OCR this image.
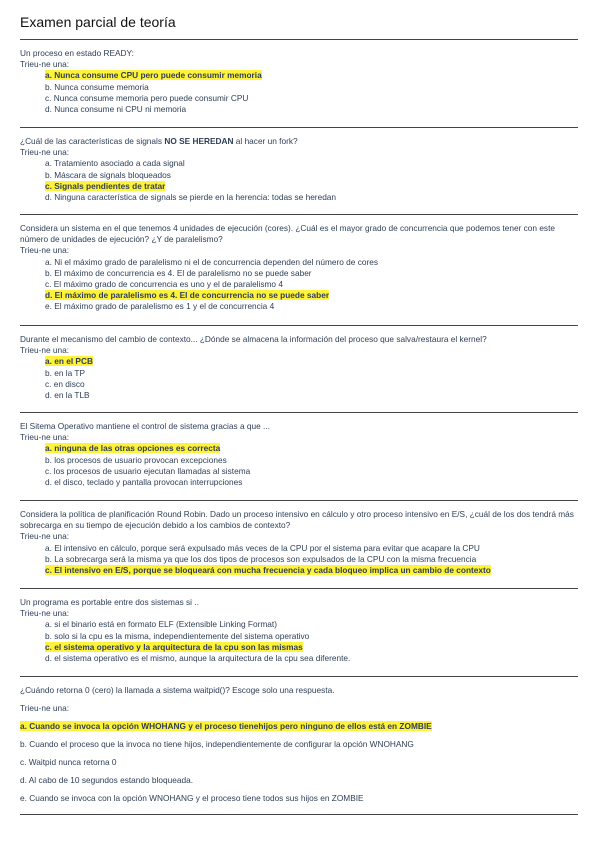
Examen parcial de teoría
Un proceso en estado READY:
Trieu-ne una:
a. Nunca consume CPU pero puede consumir memoria
b. Nunca consume memoria
c. Nunca consume memoria pero puede consumir CPU
d. Nunca consume ni CPU ni memoria
¿Cuál de las características de signals NO SE HEREDAN al hacer un fork?
Trieu-ne una:
a. Tratamiento asociado a cada signal
b. Máscara de signals bloqueados
c. Signals pendientes de tratar
d. Ninguna característica de signals se pierde en la herencia: todas se heredan
Considera un sistema en el que tenemos 4 unidades de ejecución (cores). ¿Cuál es el mayor grado de concurrencia que podemos tener con este número de unidades de ejecución? ¿Y de paralelismo?
Trieu-ne una:
a. Ni el máximo grado de paralelismo ni el de concurrencia dependen del número de cores
b. El máximo de concurrencia es 4. El de paralelismo no se puede saber
c. El máximo grado de concurrencia es uno y el de paralelismo 4
d. El máximo de paralelismo es 4. El de concurrencia no se puede saber
e. El máximo grado de paralelismo es 1 y el de concurrencia 4
Durante el mecanismo del cambio de contexto... ¿Dónde se almacena la información del proceso que salva/restaura el kernel?
Trieu-ne una:
a. en el PCB
b. en la TP
c. en disco
d. en la TLB
El Sitema Operativo mantiene el control de sistema gracias a que ...
Trieu-ne una:
a. ninguna de las otras opciones es correcta
b. los procesos de usuario provocan excepciones
c. los procesos de usuario ejecutan llamadas al sistema
d. el disco, teclado y pantalla provocan interrupciones
Considera la política de planificación Round Robin. Dado un proceso intensivo en cálculo y otro proceso intensivo en E/S, ¿cuál de los dos tendrá más sobrecarga en su tiempo de ejecución debido a los cambios de contexto?
Trieu-ne una:
a. El intensivo en cálculo, porque será expulsado más veces de la CPU por el sistema para evitar que acapare la CPU
b. La sobrecarga será la misma ya que los dos tipos de procesos son expulsados de la CPU con la misma frecuencia
c. El intensivo en E/S, porque se bloqueará con mucha frecuencia y cada bloqueo implica un cambio de contexto
Un programa es portable entre dos sistemas si ..
Trieu-ne una:
a. si el binario está en formato ELF (Extensible Linking Format)
b. solo si la cpu es la misma, independientemente del sistema operativo
c. el sistema operativo y la arquitectura de la cpu son las mismas
d. el sistema operativo es el mismo, aunque la arquitectura de la cpu sea diferente.
¿Cuándo retorna 0 (cero) la llamada a sistema waitpid()? Escoge solo una respuesta.
Trieu-ne una:
a. Cuando se invoca la opción WHOHANG y el proceso tienehijos pero ninguno de ellos está en ZOMBIE
b. Cuando el proceso que la invoca no tiene hijos, independientemente de configurar la opción WNOHANG
c. Waitpid nunca retorna 0
d. Al cabo de 10 segundos estando bloqueada.
e. Cuando se invoca con la opción WNOHANG y el proceso tiene todos sus hijos en ZOMBIE
